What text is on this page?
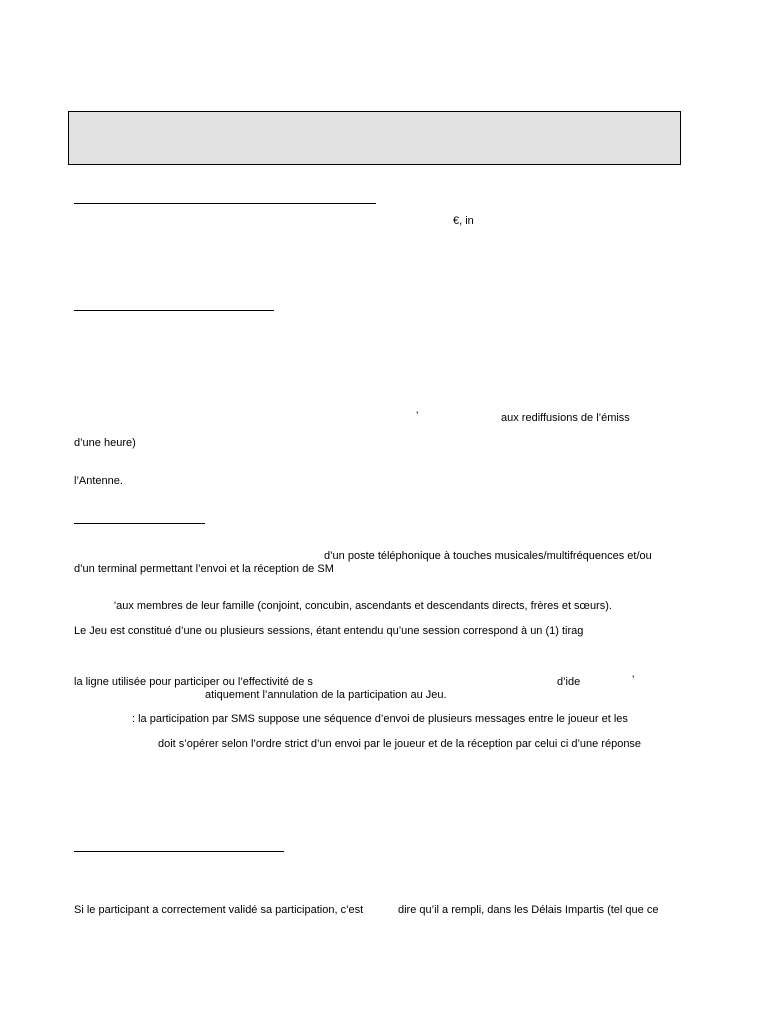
€, in
’	aux rediffusions de l’émiss
d’une heure)
l’Antenne.
d’un poste téléphonique à touches musicales/multifréquences et/ou
d’un terminal permettant l’envoi et la réception de SM
'aux membres de leur famille (conjoint, concubin, ascendants et descendants directs, frères et sœurs).
Le Jeu est constitué d’une ou plusieurs sessions, étant entendu qu’une session correspond à un (1) tirag
la ligne utilisée pour participer ou l’effectivité de s	d’ide	’
atiquement l’annulation de la participation au Jeu.
: la participation par SMS suppose une séquence d’envoi de plusieurs messages entre le joueur et les
doit s’opérer selon l’ordre strict d’un envoi par le joueur et de la réception par celui ci d’une réponse
Si le participant a correctement validé sa participation, c’est	dire qu’il a rempli, dans les Délais Impartis (tel que ce
